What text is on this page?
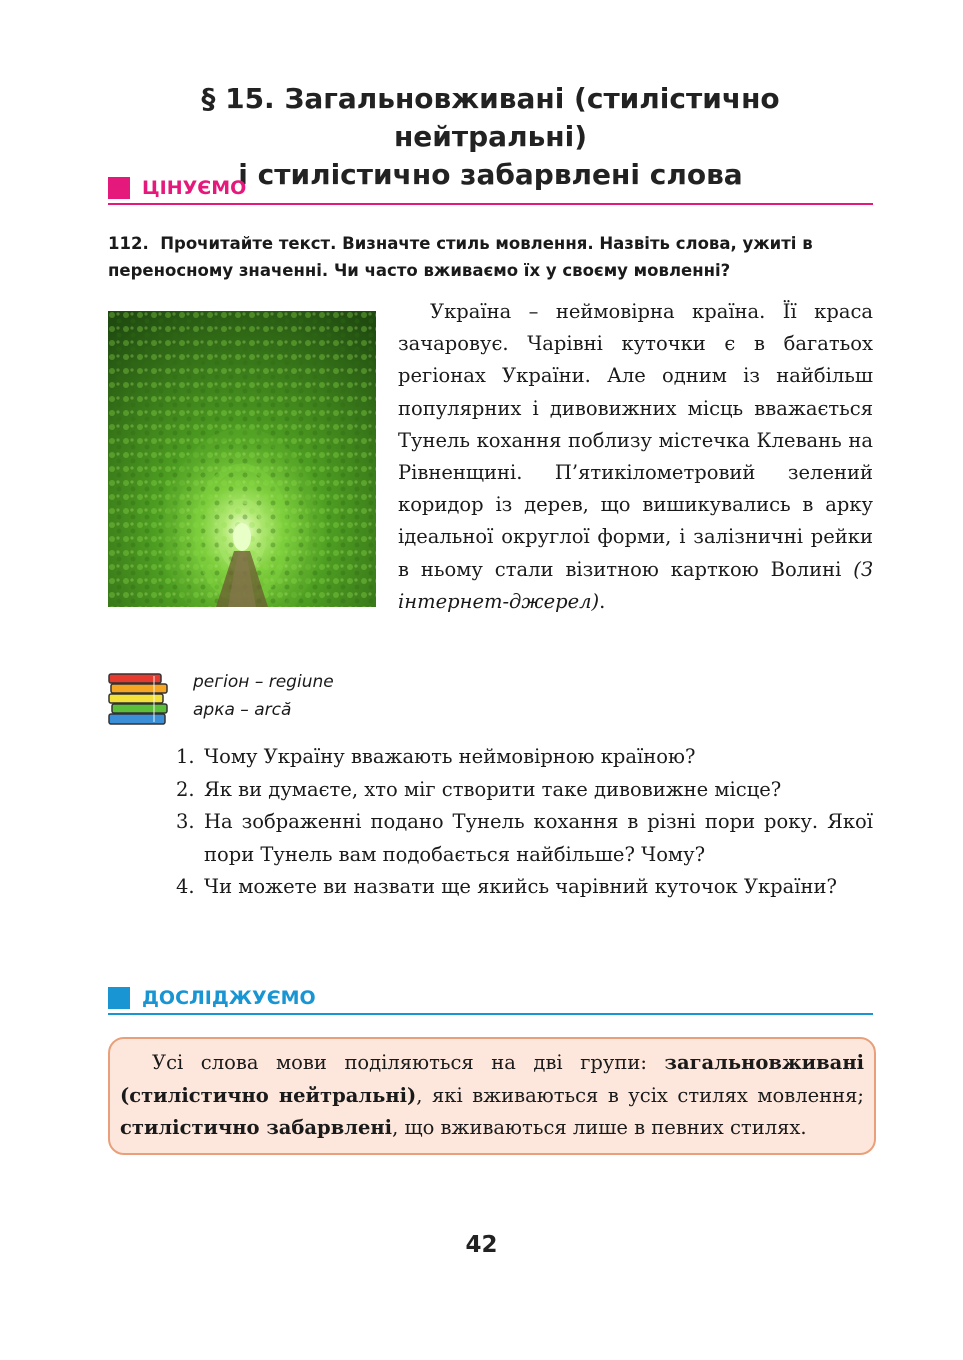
§ 15. Загальновживані (стилістично нейтральні)
і стилістично забарвлені слова
ЦІНУЄМО
112. Прочитайте текст. Визначте стиль мовлення. Назвіть слова, ужиті в переносному значенні. Чи часто вживаємо їх у своєму мовленні?

Україна – неймовірна країна. Її краса зачаровує. Чарівні куточки є в багатьох регіонах України. Але одним із найбільш популярних і дивовижних місць вважається Тунель кохання поблизу містечка Клевань на Рівненщині. П’ятикілометровий зелений коридор із дерев, що вишикувались в арку ідеальної округлої форми, і залізничні рейки в ньому стали візитною карткою Волині (З інтернет-джерел).

регіон – regiune
арка – arcă
1. Чому Україну вважають неймовірною країною?
2. Як ви думаєте, хто міг створити таке дивовижне місце?
3. На зображенні подано Тунель кохання в різні пори року. Якої пори Тунель вам подобається найбільше? Чому?
4. Чи можете ви назвати ще якийсь чарівний куточок України?
ДОСЛІДЖУЄМО

Усі слова мови поділяються на дві групи: загальновживані (стилістично нейтральні), які вживаються в усіх стилях мовлення; стилістично забарвлені, що вживаються лише в певних стилях.

42
